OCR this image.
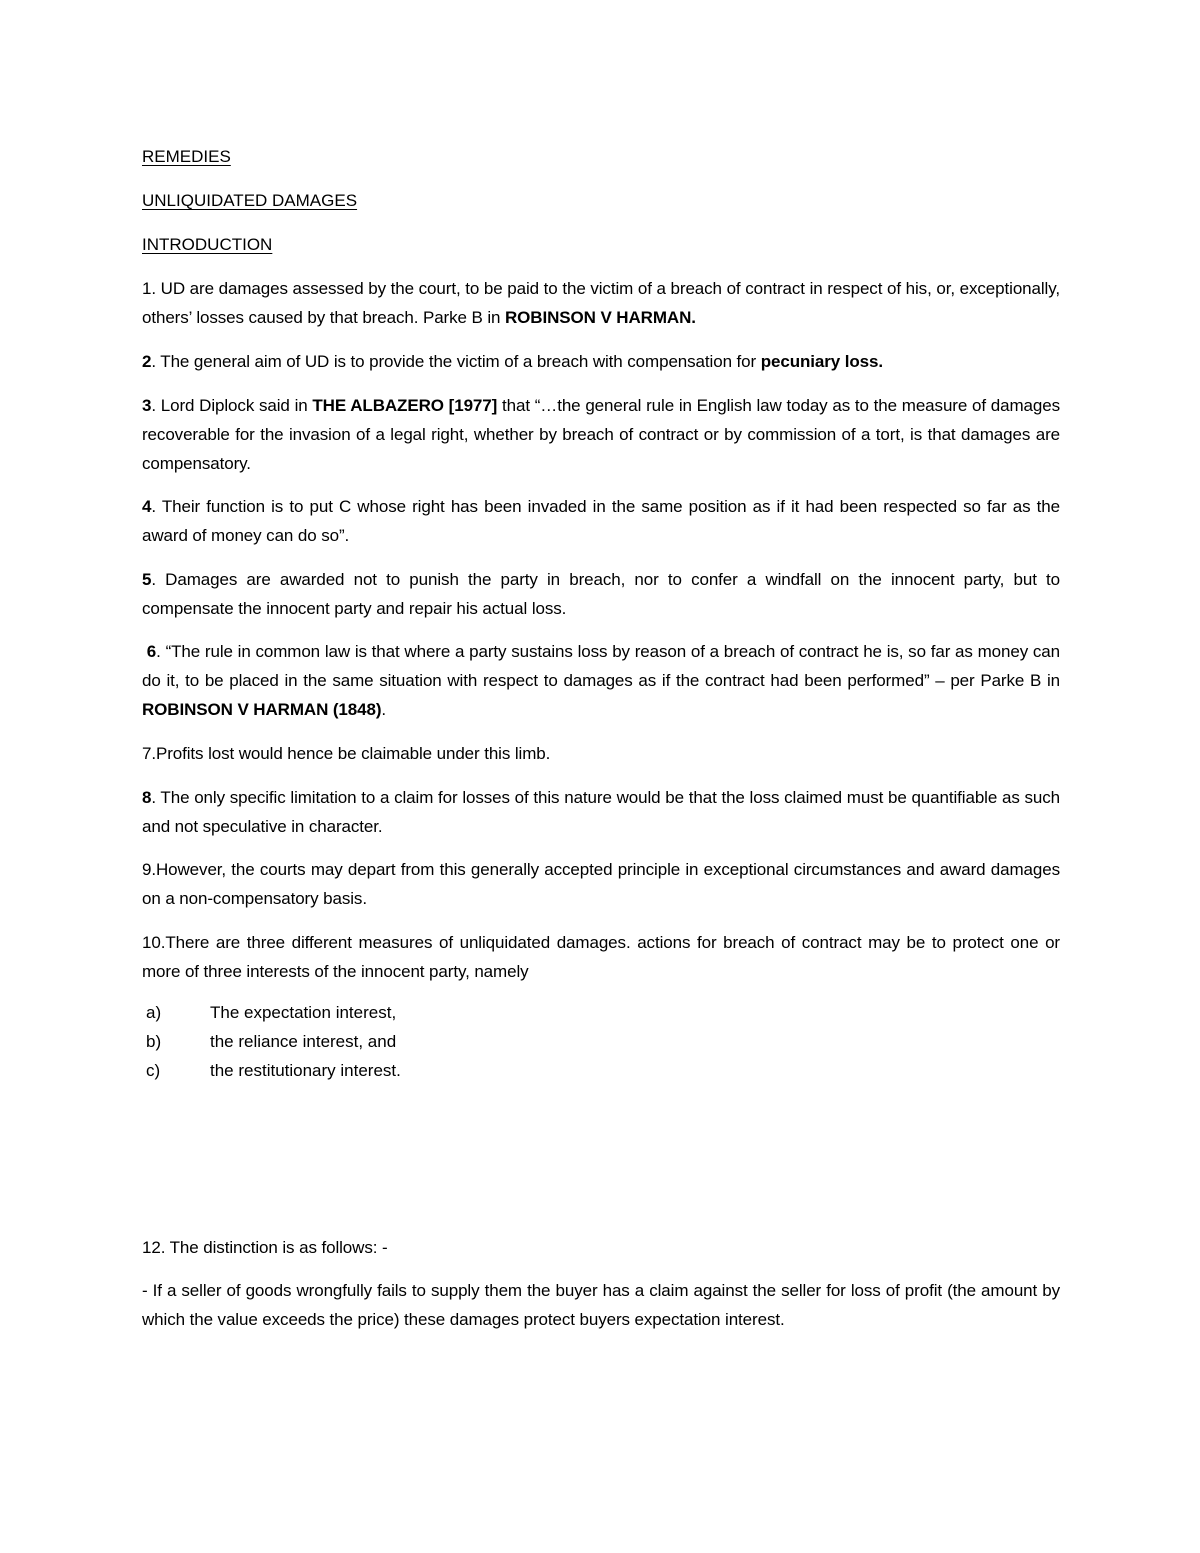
REMEDIES

UNLIQUIDATED DAMAGES

INTRODUCTION

1. UD are damages assessed by the court, to be paid to the victim of a breach of contract in respect of his, or, exceptionally, others’ losses caused by that breach. Parke B in ROBINSON V HARMAN.

2. The general aim of UD is to provide the victim of a breach with compensation for pecuniary loss.

3. Lord Diplock said in THE ALBAZERO [1977] that “…the general rule in English law today as to the measure of damages recoverable for the invasion of a legal right, whether by breach of contract or by commission of a tort, is that damages are compensatory.

4. Their function is to put C whose right has been invaded in the same position as if it had been respected so far as the award of money can do so”.

5. Damages are awarded not to punish the party in breach, nor to confer a windfall on the innocent party, but to compensate the innocent party and repair his actual loss.

6. “The rule in common law is that where a party sustains loss by reason of a breach of contract he is, so far as money can do it, to be placed in the same situation with respect to damages as if the contract had been performed” – per Parke B in ROBINSON V HARMAN (1848).

7.Profits lost would hence be claimable under this limb.

8. The only specific limitation to a claim for losses of this nature would be that the loss claimed must be quantifiable as such and not speculative in character.

9.However, the courts may depart from this generally accepted principle in exceptional circumstances and award damages on a non-compensatory basis.

10.There are three different measures of unliquidated damages. actions for breach of contract may be to protect one or more of three interests of the innocent party, namely

a)	The expectation interest,
b)	the reliance interest, and
c)	the restitutionary interest.

12. The distinction is as follows: -

- If a seller of goods wrongfully fails to supply them the buyer has a claim against the seller for loss of profit (the amount by which the value exceeds the price) these damages protect buyers expectation interest.
